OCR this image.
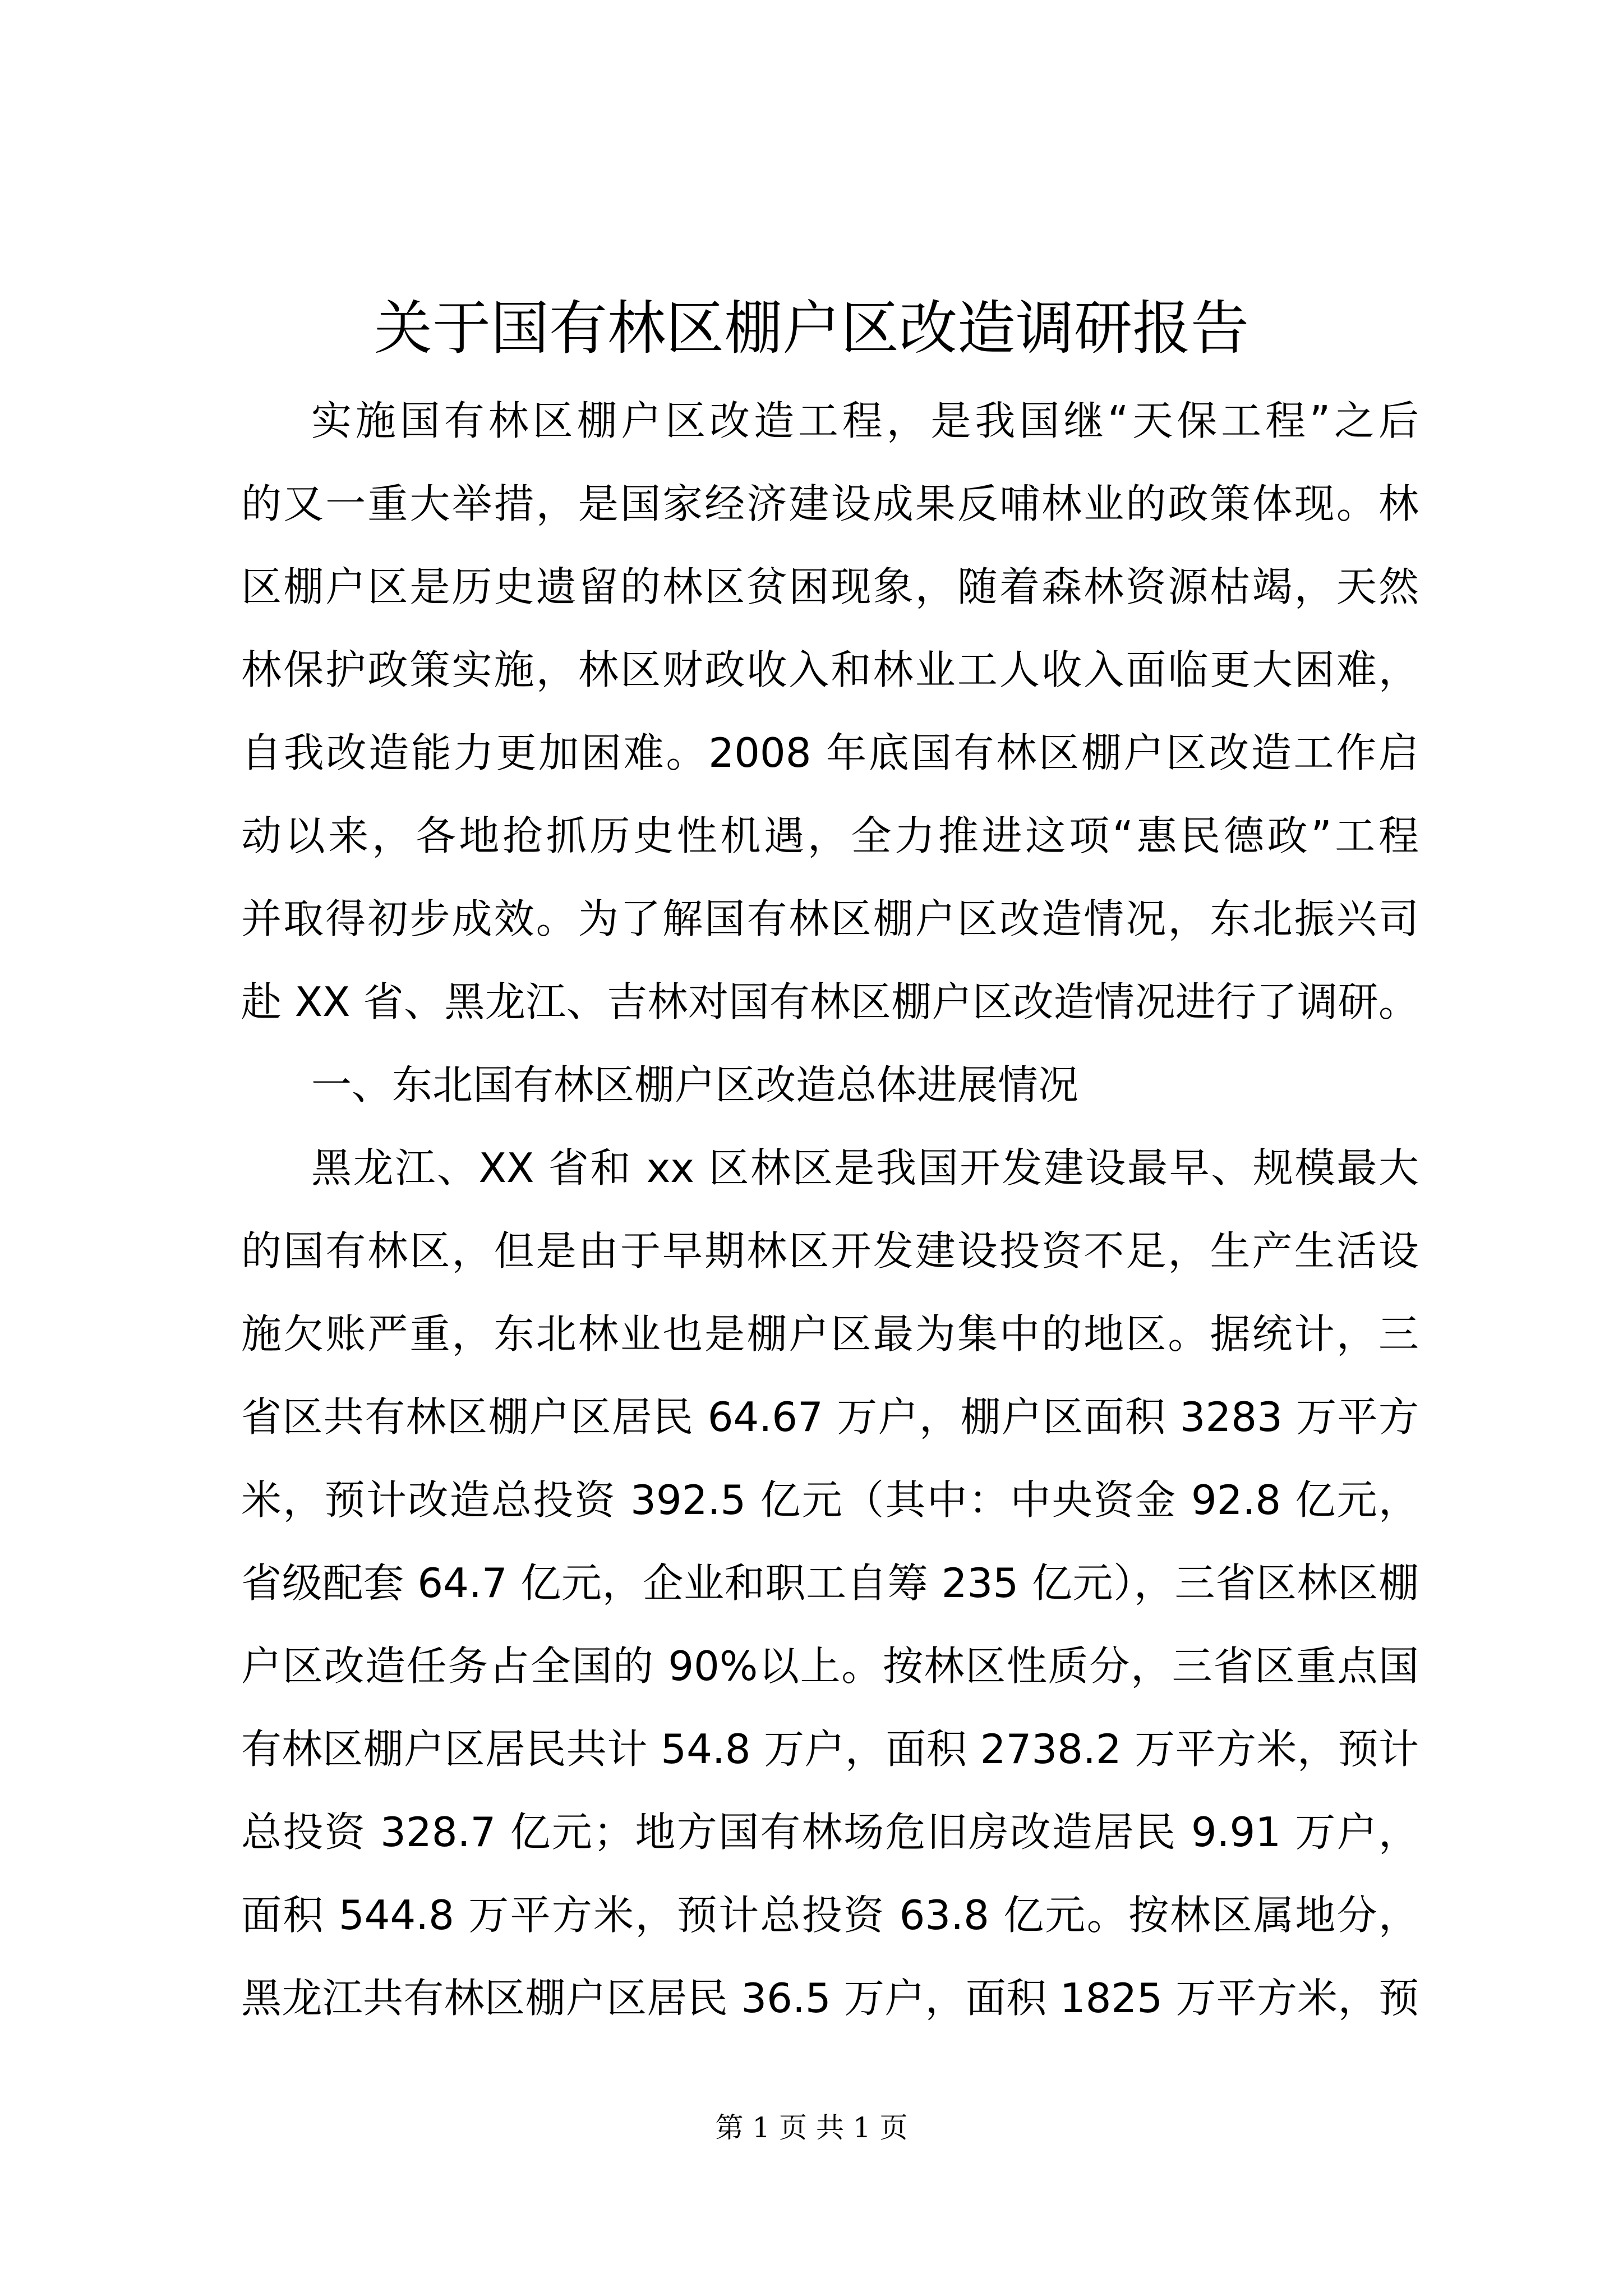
关于国有林区棚户区改造调研报告

实施国有林区棚户区改造工程，是我国继“天保工程”之后

的又一重大举措，是国家经济建设成果反哺林业的政策体现。林

区棚户区是历史遗留的林区贫困现象，随着森林资源枯竭，天然

林保护政策实施，林区财政收入和林业工人收入面临更大困难，

自我改造能力更加困难。2008 年底国有林区棚户区改造工作启

动以来，各地抢抓历史性机遇，全力推进这项“惠民德政”工程

并取得初步成效。为了解国有林区棚户区改造情况，东北振兴司

赴 XX 省、黑龙江、吉林对国有林区棚户区改造情况进行了调研。

一、东北国有林区棚户区改造总体进展情况

黑龙江、XX 省和 xx 区林区是我国开发建设最早、规模最大

的国有林区，但是由于早期林区开发建设投资不足，生产生活设

施欠账严重，东北林业也是棚户区最为集中的地区。据统计，三

省区共有林区棚户区居民 64.67 万户，棚户区面积 3283 万平方

米，预计改造总投资 392.5 亿元（其中：中央资金 92.8 亿元，

省级配套 64.7 亿元，企业和职工自筹 235 亿元），三省区林区棚

户区改造任务占全国的 90%以上。按林区性质分，三省区重点国

有林区棚户区居民共计 54.8 万户，面积 2738.2 万平方米，预计

总投资 328.7 亿元；地方国有林场危旧房改造居民 9.91 万户，

面积 544.8 万平方米，预计总投资 63.8 亿元。按林区属地分，

黑龙江共有林区棚户区居民 36.5 万户，面积 1825 万平方米，预

第 1 页 共 1 页
